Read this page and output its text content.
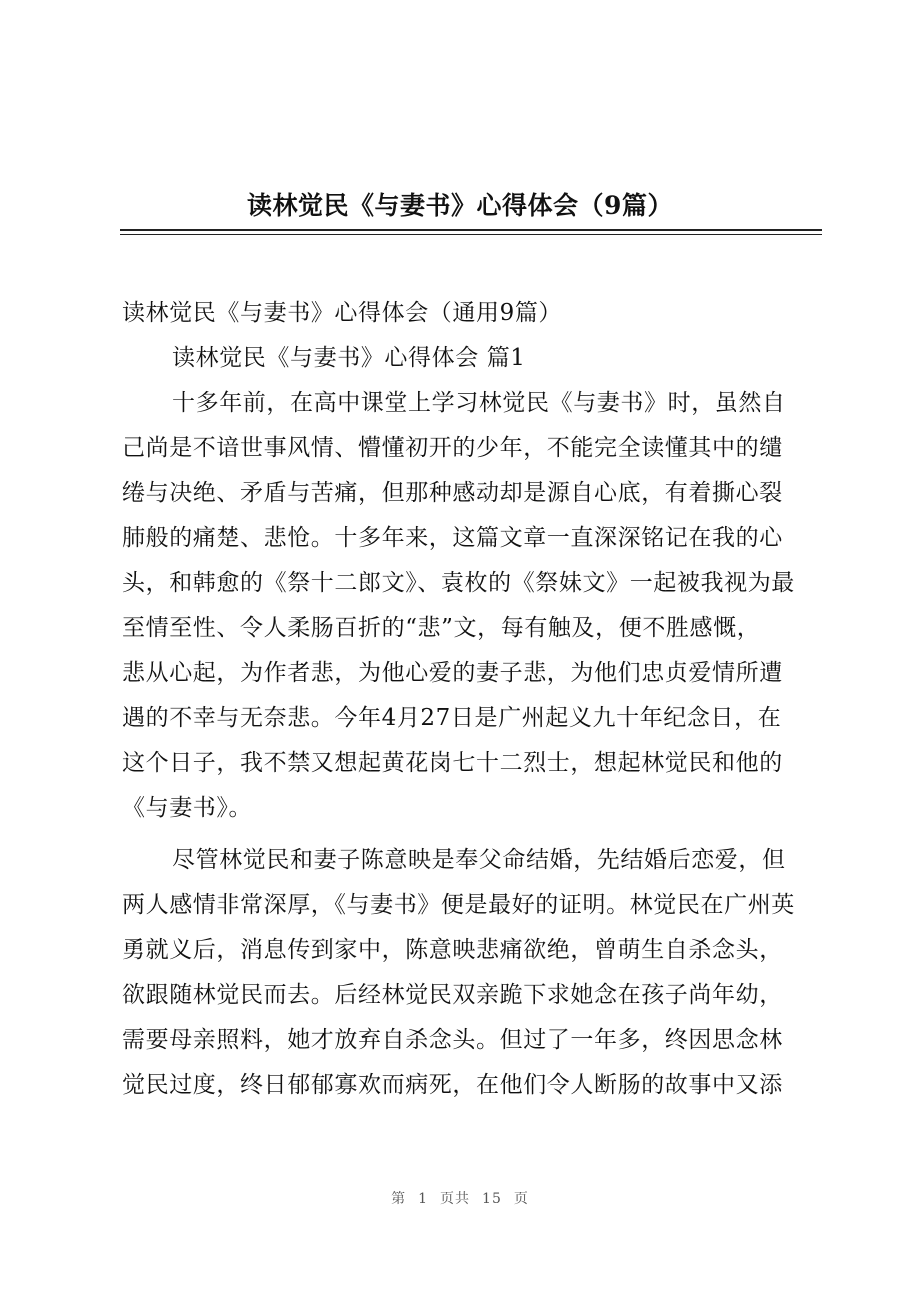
读林觉民《与妻书》心得体会（9篇）
读林觉民《与妻书》心得体会（通用9篇）
读林觉民《与妻书》心得体会 篇1
十多年前，在高中课堂上学习林觉民《与妻书》时，虽然自
己尚是不谙世事风情、懵懂初开的少年，不能完全读懂其中的缱
绻与决绝、矛盾与苦痛，但那种感动却是源自心底，有着撕心裂
肺般的痛楚、悲怆。十多年来，这篇文章一直深深铭记在我的心
头，和韩愈的《祭十二郎文》、袁枚的《祭妹文》一起被我视为最
至情至性、令人柔肠百折的“悲”文，每有触及，便不胜感慨，
悲从心起，为作者悲，为他心爱的妻子悲，为他们忠贞爱情所遭
遇的不幸与无奈悲。今年4月27日是广州起义九十年纪念日，在
这个日子，我不禁又想起黄花岗七十二烈士，想起林觉民和他的
《与妻书》。
尽管林觉民和妻子陈意映是奉父命结婚，先结婚后恋爱，但
两人感情非常深厚，《与妻书》便是最好的证明。林觉民在广州英
勇就义后，消息传到家中，陈意映悲痛欲绝，曾萌生自杀念头，
欲跟随林觉民而去。后经林觉民双亲跪下求她念在孩子尚年幼，
需要母亲照料，她才放弃自杀念头。但过了一年多，终因思念林
觉民过度，终日郁郁寡欢而病死，在他们令人断肠的故事中又添
第 1 页共 15 页
